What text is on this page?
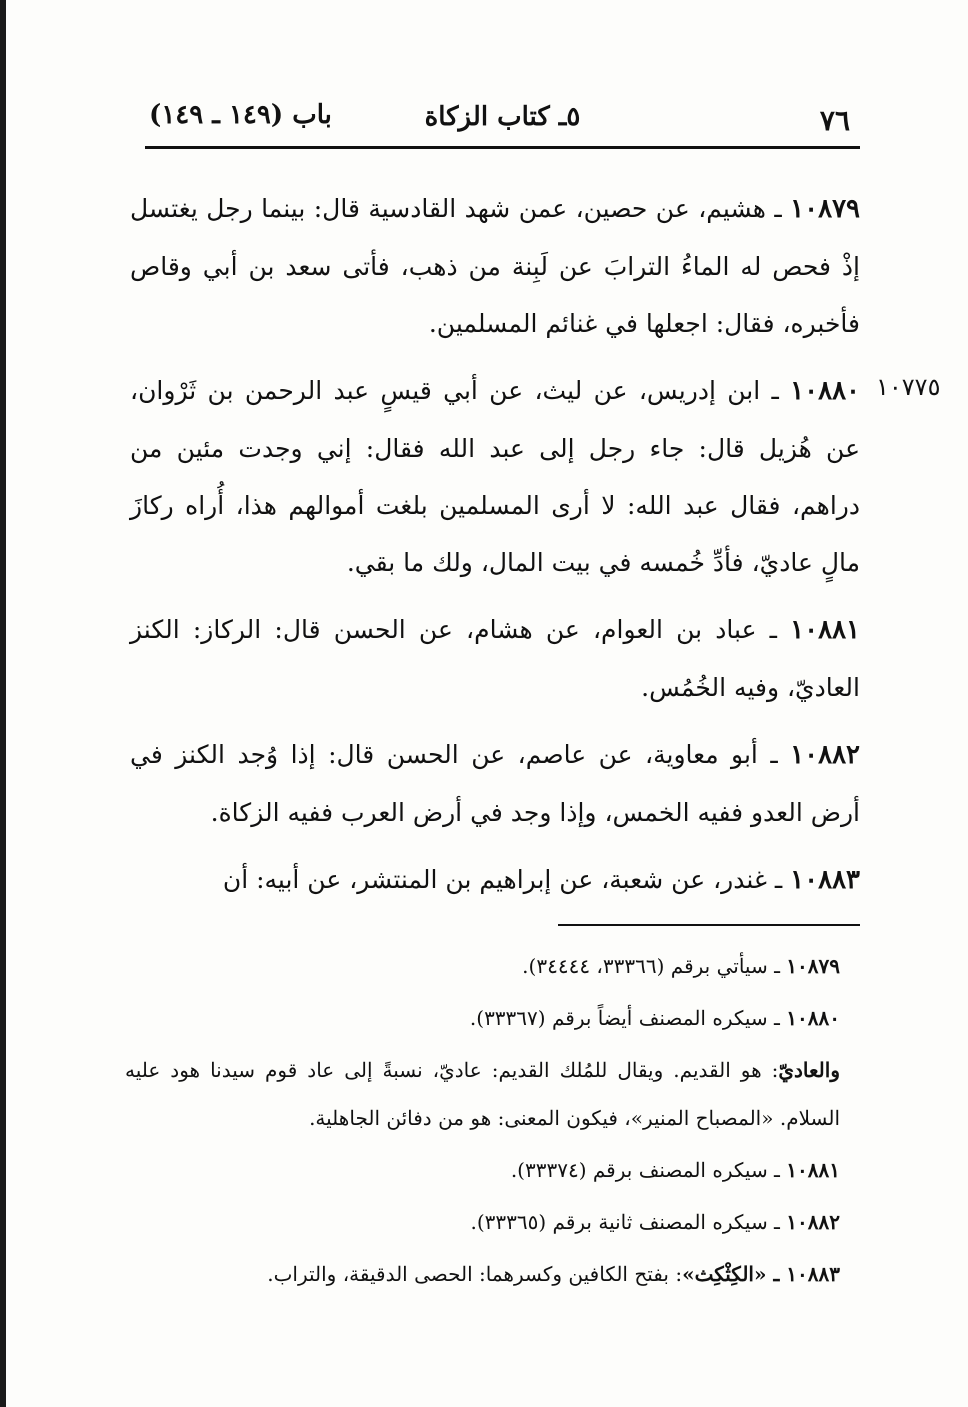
٧٦
٥ـ كتاب الزكاة
باب (١٤٩ ـ ١٤٩)
١٠٧٧٥

١٠٨٧٩ ـ هشيم، عن حصين، عمن شهد القادسية قال: بينما رجل يغتسل إذْ فحص له الماءُ الترابَ عن لَبِنة من ذهب، فأتى سعد بن أبي وقاص فأخبره، فقال: اجعلها في غنائم المسلمين.

١٠٨٨٠ ـ ابن إدريس، عن ليث، عن أبي قيسٍ عبد الرحمن بن ثَرْوان، عن هُزيل قال: جاء رجل إلى عبد الله فقال: إني وجدت مئين من دراهم، فقال عبد الله: لا أرى المسلمين بلغت أموالهم هذا، أُراه ركازَ مالٍ عاديّ، فأدِّ خُمسه في بيت المال، ولك ما بقي.

١٠٨٨١ ـ عباد بن العوام، عن هشام، عن الحسن قال: الركاز: الكنز العاديّ، وفيه الخُمُس.

١٠٨٨٢ ـ أبو معاوية، عن عاصم، عن الحسن قال: إذا وُجد الكنز في أرض العدو ففيه الخمس، وإذا وجد في أرض العرب ففيه الزكاة.

١٠٨٨٣ ـ غندر، عن شعبة، عن إبراهيم بن المنتشر، عن أبيه: أن

١٠٨٧٩ ـ سيأتي برقم (٣٣٣٦٦، ٣٤٤٤٤).

١٠٨٨٠ ـ سيكره المصنف أيضاً برقم (٣٣٣٦٧).

والعاديّ: هو القديم. ويقال للمُلك القديم: عاديّ، نسبةً إلى عاد قوم سيدنا هود عليه السلام. «المصباح المنير»، فيكون المعنى: هو من دفائن الجاهلية.

١٠٨٨١ ـ سيكره المصنف برقم (٣٣٣٧٤).

١٠٨٨٢ ـ سيكره المصنف ثانية برقم (٣٣٣٦٥).

١٠٨٨٣ ـ «الكِثْكِث»: بفتح الكافين وكسرهما: الحصى الدقيقة، والتراب.
